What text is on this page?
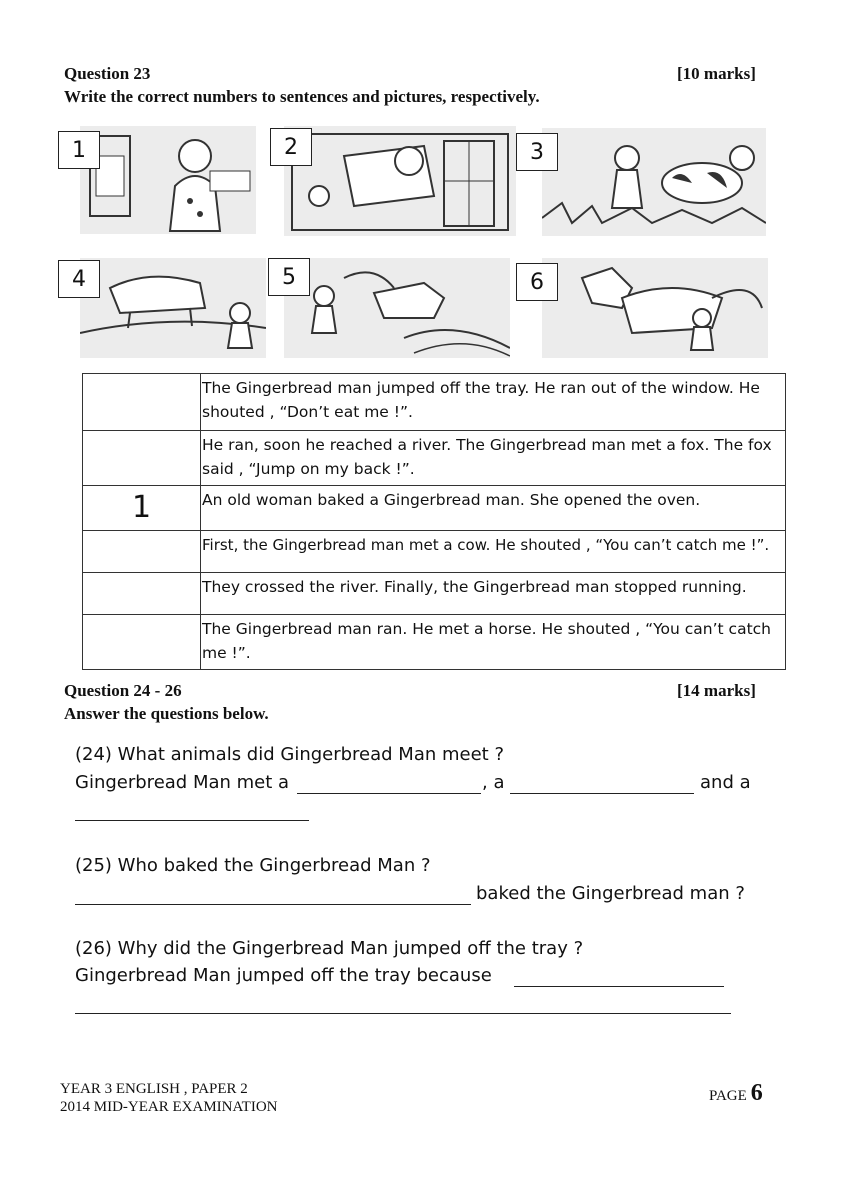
Question 23	[10 marks]
Write the correct numbers to sentences and pictures, respectively.
1	2	3
4	5	6
	The Gingerbread man jumped off the tray. He ran out of the window. He shouted , “Don’t eat me !”.
	He ran, soon he reached a river. The Gingerbread man met a fox. The fox said , “Jump on my back !”.
1	An old woman baked a Gingerbread man. She opened the oven.
	First, the Gingerbread man met a cow. He shouted , “You can’t catch me !”.
	They crossed the river. Finally, the Gingerbread man stopped running.
	The Gingerbread man ran. He met a horse. He shouted , “You can’t catch me !”.
Question 24 - 26	[14 marks]
Answer the questions below.
(24) What animals did Gingerbread Man meet ?
Gingerbread Man met a	, a	and a
(25) Who baked the Gingerbread Man ?
baked the Gingerbread man ?
(26) Why did the Gingerbread Man jumped off the tray ?
Gingerbread Man jumped off the tray because
YEAR 3 ENGLISH , PAPER 2
2014 MID-YEAR EXAMINATION
PAGE 6
